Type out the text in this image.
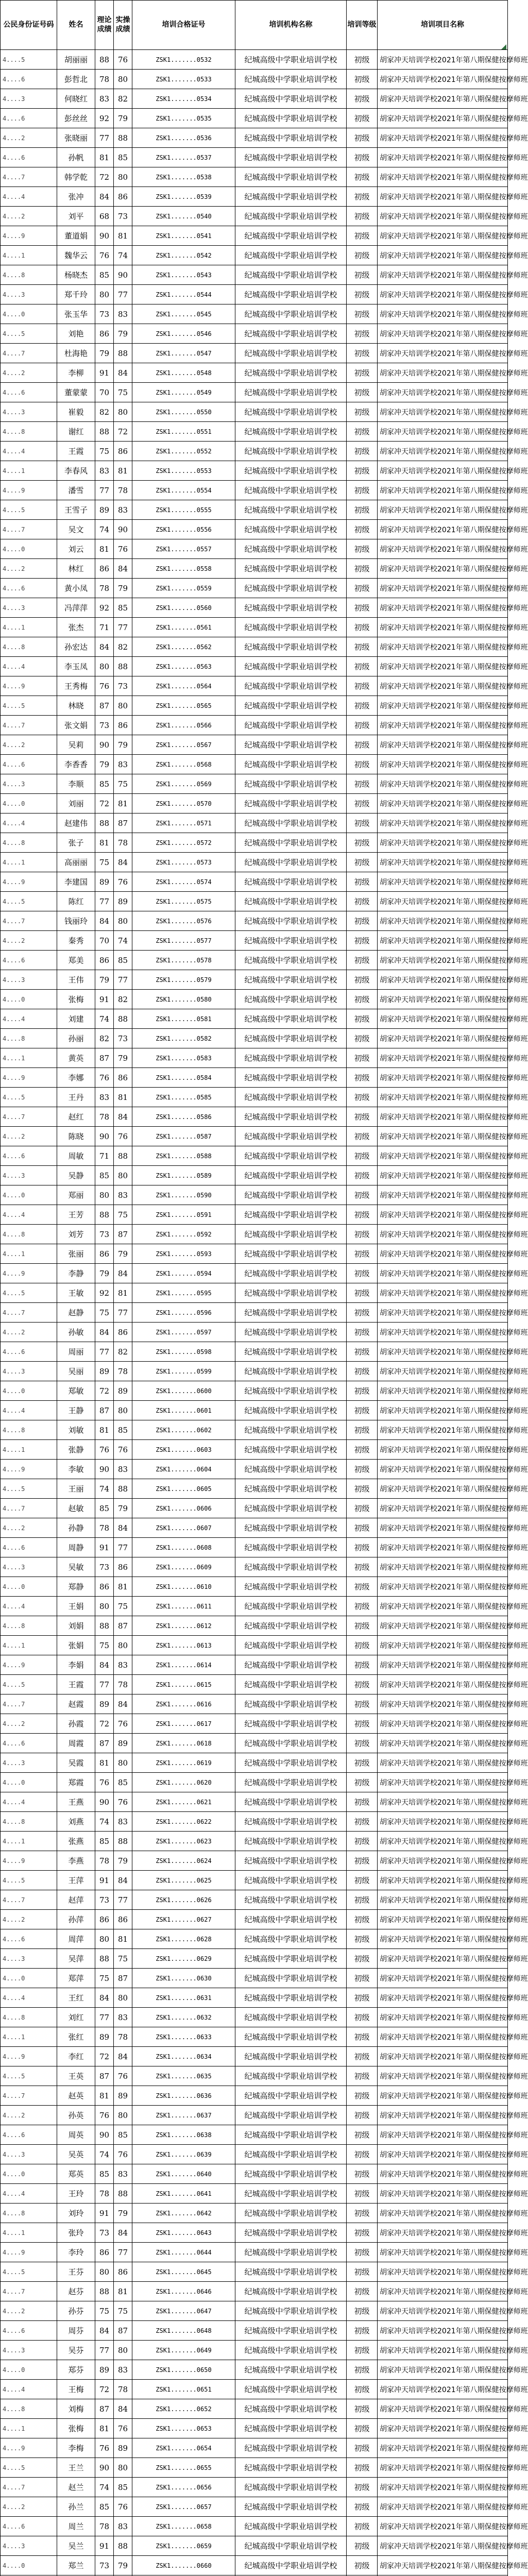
公民身份证号码	姓名	理论成绩	实操成绩	培训合格证号	培训机构名称	培训等级	培训项目名称
4....5	胡丽丽	88	76	ZSK1.......0532	纪城高级中学职业培训学校	初级	胡家冲天培训学校2021年第八期保健按摩师班
4....6	彭哲北	78	80	ZSK1.......0533	纪城高级中学职业培训学校	初级	胡家冲天培训学校2021年第八期保健按摩师班
4....3	何晓红	83	82	ZSK1.......0534	纪城高级中学职业培训学校	初级	胡家冲天培训学校2021年第八期保健按摩师班
4....6	彭丝丝	92	79	ZSK1.......0535	纪城高级中学职业培训学校	初级	胡家冲天培训学校2021年第八期保健按摩师班
4....2	张晓丽	77	88	ZSK1.......0536	纪城高级中学职业培训学校	初级	胡家冲天培训学校2021年第八期保健按摩师班
4....6	孙帆	81	85	ZSK1.......0537	纪城高级中学职业培训学校	初级	胡家冲天培训学校2021年第八期保健按摩师班
4....7	韩学乾	72	80	ZSK1.......0538	纪城高级中学职业培训学校	初级	胡家冲天培训学校2021年第八期保健按摩师班
4....4	张冲	84	86	ZSK1.......0539	纪城高级中学职业培训学校	初级	胡家冲天培训学校2021年第八期保健按摩师班
4....2	刘平	68	73	ZSK1.......0540	纪城高级中学职业培训学校	初级	胡家冲天培训学校2021年第八期保健按摩师班
4....9	董道娟	90	81	ZSK1.......0541	纪城高级中学职业培训学校	初级	胡家冲天培训学校2021年第八期保健按摩师班
4....1	魏华云	76	74	ZSK1.......0542	纪城高级中学职业培训学校	初级	胡家冲天培训学校2021年第八期保健按摩师班
4....8	杨晓杰	85	90	ZSK1.......0543	纪城高级中学职业培训学校	初级	胡家冲天培训学校2021年第八期保健按摩师班
4....3	郑千玲	80	77	ZSK1.......0544	纪城高级中学职业培训学校	初级	胡家冲天培训学校2021年第八期保健按摩师班
4....0	张玉华	73	83	ZSK1.......0545	纪城高级中学职业培训学校	初级	胡家冲天培训学校2021年第八期保健按摩师班
4....5	刘艳	86	79	ZSK1.......0546	纪城高级中学职业培训学校	初级	胡家冲天培训学校2021年第八期保健按摩师班
4....7	杜海艳	79	88	ZSK1.......0547	纪城高级中学职业培训学校	初级	胡家冲天培训学校2021年第八期保健按摩师班
4....2	李柳	91	84	ZSK1.......0548	纪城高级中学职业培训学校	初级	胡家冲天培训学校2021年第八期保健按摩师班
4....6	董蒙蒙	70	75	ZSK1.......0549	纪城高级中学职业培训学校	初级	胡家冲天培训学校2021年第八期保健按摩师班
4....3	崔毅	82	80	ZSK1.......0550	纪城高级中学职业培训学校	初级	胡家冲天培训学校2021年第八期保健按摩师班
4....8	谢红	88	72	ZSK1.......0551	纪城高级中学职业培训学校	初级	胡家冲天培训学校2021年第八期保健按摩师班
4....4	王霞	75	86	ZSK1.......0552	纪城高级中学职业培训学校	初级	胡家冲天培训学校2021年第八期保健按摩师班
4....1	李春风	83	81	ZSK1.......0553	纪城高级中学职业培训学校	初级	胡家冲天培训学校2021年第八期保健按摩师班
4....9	潘雪	77	78	ZSK1.......0554	纪城高级中学职业培训学校	初级	胡家冲天培训学校2021年第八期保健按摩师班
4....5	王雪子	89	83	ZSK1.......0555	纪城高级中学职业培训学校	初级	胡家冲天培训学校2021年第八期保健按摩师班
4....7	吴文	74	90	ZSK1.......0556	纪城高级中学职业培训学校	初级	胡家冲天培训学校2021年第八期保健按摩师班
4....0	刘云	81	76	ZSK1.......0557	纪城高级中学职业培训学校	初级	胡家冲天培训学校2021年第八期保健按摩师班
4....2	林红	86	84	ZSK1.......0558	纪城高级中学职业培训学校	初级	胡家冲天培训学校2021年第八期保健按摩师班
4....6	黄小凤	78	79	ZSK1.......0559	纪城高级中学职业培训学校	初级	胡家冲天培训学校2021年第八期保健按摩师班
4....3	冯萍萍	92	85	ZSK1.......0560	纪城高级中学职业培训学校	初级	胡家冲天培训学校2021年第八期保健按摩师班
4....1	张杰	71	77	ZSK1.......0561	纪城高级中学职业培训学校	初级	胡家冲天培训学校2021年第八期保健按摩师班
4....8	孙宏达	84	82	ZSK1.......0562	纪城高级中学职业培训学校	初级	胡家冲天培训学校2021年第八期保健按摩师班
4....4	李玉凤	80	88	ZSK1.......0563	纪城高级中学职业培训学校	初级	胡家冲天培训学校2021年第八期保健按摩师班
4....9	王秀梅	76	73	ZSK1.......0564	纪城高级中学职业培训学校	初级	胡家冲天培训学校2021年第八期保健按摩师班
4....5	林晓	87	80	ZSK1.......0565	纪城高级中学职业培训学校	初级	胡家冲天培训学校2021年第八期保健按摩师班
4....7	张文娟	73	86	ZSK1.......0566	纪城高级中学职业培训学校	初级	胡家冲天培训学校2021年第八期保健按摩师班
4....2	吴莉	90	79	ZSK1.......0567	纪城高级中学职业培训学校	初级	胡家冲天培训学校2021年第八期保健按摩师班
4....6	李香香	79	83	ZSK1.......0568	纪城高级中学职业培训学校	初级	胡家冲天培训学校2021年第八期保健按摩师班
4....3	李顺	85	75	ZSK1.......0569	纪城高级中学职业培训学校	初级	胡家冲天培训学校2021年第八期保健按摩师班
4....0	刘丽	72	81	ZSK1.......0570	纪城高级中学职业培训学校	初级	胡家冲天培训学校2021年第八期保健按摩师班
4....4	赵建伟	88	87	ZSK1.......0571	纪城高级中学职业培训学校	初级	胡家冲天培训学校2021年第八期保健按摩师班
4....8	张子	81	78	ZSK1.......0572	纪城高级中学职业培训学校	初级	胡家冲天培训学校2021年第八期保健按摩师班
4....1	高丽丽	75	84	ZSK1.......0573	纪城高级中学职业培训学校	初级	胡家冲天培训学校2021年第八期保健按摩师班
4....9	李建国	89	76	ZSK1.......0574	纪城高级中学职业培训学校	初级	胡家冲天培训学校2021年第八期保健按摩师班
4....5	陈红	77	89	ZSK1.......0575	纪城高级中学职业培训学校	初级	胡家冲天培训学校2021年第八期保健按摩师班
4....7	钱丽玲	84	80	ZSK1.......0576	纪城高级中学职业培训学校	初级	胡家冲天培训学校2021年第八期保健按摩师班
4....2	秦秀	70	74	ZSK1.......0577	纪城高级中学职业培训学校	初级	胡家冲天培训学校2021年第八期保健按摩师班
4....6	郑美	86	85	ZSK1.......0578	纪城高级中学职业培训学校	初级	胡家冲天培训学校2021年第八期保健按摩师班
4....3	王伟	79	77	ZSK1.......0579	纪城高级中学职业培训学校	初级	胡家冲天培训学校2021年第八期保健按摩师班
4....0	张梅	91	82	ZSK1.......0580	纪城高级中学职业培训学校	初级	胡家冲天培训学校2021年第八期保健按摩师班
4....4	刘建	74	88	ZSK1.......0581	纪城高级中学职业培训学校	初级	胡家冲天培训学校2021年第八期保健按摩师班
4....8	孙丽	82	73	ZSK1.......0582	纪城高级中学职业培训学校	初级	胡家冲天培训学校2021年第八期保健按摩师班
4....1	黄英	87	79	ZSK1.......0583	纪城高级中学职业培训学校	初级	胡家冲天培训学校2021年第八期保健按摩师班
4....9	李娜	76	86	ZSK1.......0584	纪城高级中学职业培训学校	初级	胡家冲天培训学校2021年第八期保健按摩师班
4....5	王丹	83	81	ZSK1.......0585	纪城高级中学职业培训学校	初级	胡家冲天培训学校2021年第八期保健按摩师班
4....7	赵红	78	84	ZSK1.......0586	纪城高级中学职业培训学校	初级	胡家冲天培训学校2021年第八期保健按摩师班
4....2	陈晓	90	76	ZSK1.......0587	纪城高级中学职业培训学校	初级	胡家冲天培训学校2021年第八期保健按摩师班
4....6	周敏	71	88	ZSK1.......0588	纪城高级中学职业培训学校	初级	胡家冲天培训学校2021年第八期保健按摩师班
4....3	吴静	85	80	ZSK1.......0589	纪城高级中学职业培训学校	初级	胡家冲天培训学校2021年第八期保健按摩师班
4....0	郑丽	80	83	ZSK1.......0590	纪城高级中学职业培训学校	初级	胡家冲天培训学校2021年第八期保健按摩师班
4....4	王芳	88	75	ZSK1.......0591	纪城高级中学职业培训学校	初级	胡家冲天培训学校2021年第八期保健按摩师班
4....8	刘芳	73	87	ZSK1.......0592	纪城高级中学职业培训学校	初级	胡家冲天培训学校2021年第八期保健按摩师班
4....1	张丽	86	79	ZSK1.......0593	纪城高级中学职业培训学校	初级	胡家冲天培训学校2021年第八期保健按摩师班
4....9	李静	79	84	ZSK1.......0594	纪城高级中学职业培训学校	初级	胡家冲天培训学校2021年第八期保健按摩师班
4....5	王敏	92	81	ZSK1.......0595	纪城高级中学职业培训学校	初级	胡家冲天培训学校2021年第八期保健按摩师班
4....7	赵静	75	77	ZSK1.......0596	纪城高级中学职业培训学校	初级	胡家冲天培训学校2021年第八期保健按摩师班
4....2	孙敏	84	86	ZSK1.......0597	纪城高级中学职业培训学校	初级	胡家冲天培训学校2021年第八期保健按摩师班
4....6	周丽	77	82	ZSK1.......0598	纪城高级中学职业培训学校	初级	胡家冲天培训学校2021年第八期保健按摩师班
4....3	吴丽	89	78	ZSK1.......0599	纪城高级中学职业培训学校	初级	胡家冲天培训学校2021年第八期保健按摩师班
4....0	郑敏	72	89	ZSK1.......0600	纪城高级中学职业培训学校	初级	胡家冲天培训学校2021年第八期保健按摩师班
4....4	王静	87	80	ZSK1.......0601	纪城高级中学职业培训学校	初级	胡家冲天培训学校2021年第八期保健按摩师班
4....8	刘敏	81	85	ZSK1.......0602	纪城高级中学职业培训学校	初级	胡家冲天培训学校2021年第八期保健按摩师班
4....1	张静	76	76	ZSK1.......0603	纪城高级中学职业培训学校	初级	胡家冲天培训学校2021年第八期保健按摩师班
4....9	李敏	90	83	ZSK1.......0604	纪城高级中学职业培训学校	初级	胡家冲天培训学校2021年第八期保健按摩师班
4....5	王丽	74	88	ZSK1.......0605	纪城高级中学职业培训学校	初级	胡家冲天培训学校2021年第八期保健按摩师班
4....7	赵敏	85	79	ZSK1.......0606	纪城高级中学职业培训学校	初级	胡家冲天培训学校2021年第八期保健按摩师班
4....2	孙静	78	84	ZSK1.......0607	纪城高级中学职业培训学校	初级	胡家冲天培训学校2021年第八期保健按摩师班
4....6	周静	91	77	ZSK1.......0608	纪城高级中学职业培训学校	初级	胡家冲天培训学校2021年第八期保健按摩师班
4....3	吴敏	73	86	ZSK1.......0609	纪城高级中学职业培训学校	初级	胡家冲天培训学校2021年第八期保健按摩师班
4....0	郑静	86	81	ZSK1.......0610	纪城高级中学职业培训学校	初级	胡家冲天培训学校2021年第八期保健按摩师班
4....4	王娟	80	75	ZSK1.......0611	纪城高级中学职业培训学校	初级	胡家冲天培训学校2021年第八期保健按摩师班
4....8	刘娟	88	87	ZSK1.......0612	纪城高级中学职业培训学校	初级	胡家冲天培训学校2021年第八期保健按摩师班
4....1	张娟	75	80	ZSK1.......0613	纪城高级中学职业培训学校	初级	胡家冲天培训学校2021年第八期保健按摩师班
4....9	李娟	84	83	ZSK1.......0614	纪城高级中学职业培训学校	初级	胡家冲天培训学校2021年第八期保健按摩师班
4....5	王霞	77	78	ZSK1.......0615	纪城高级中学职业培训学校	初级	胡家冲天培训学校2021年第八期保健按摩师班
4....7	赵霞	89	84	ZSK1.......0616	纪城高级中学职业培训学校	初级	胡家冲天培训学校2021年第八期保健按摩师班
4....2	孙霞	72	76	ZSK1.......0617	纪城高级中学职业培训学校	初级	胡家冲天培训学校2021年第八期保健按摩师班
4....6	周霞	87	89	ZSK1.......0618	纪城高级中学职业培训学校	初级	胡家冲天培训学校2021年第八期保健按摩师班
4....3	吴霞	81	80	ZSK1.......0619	纪城高级中学职业培训学校	初级	胡家冲天培训学校2021年第八期保健按摩师班
4....0	郑霞	76	85	ZSK1.......0620	纪城高级中学职业培训学校	初级	胡家冲天培训学校2021年第八期保健按摩师班
4....4	王燕	90	76	ZSK1.......0621	纪城高级中学职业培训学校	初级	胡家冲天培训学校2021年第八期保健按摩师班
4....8	刘燕	74	83	ZSK1.......0622	纪城高级中学职业培训学校	初级	胡家冲天培训学校2021年第八期保健按摩师班
4....1	张燕	85	88	ZSK1.......0623	纪城高级中学职业培训学校	初级	胡家冲天培训学校2021年第八期保健按摩师班
4....9	李燕	78	79	ZSK1.......0624	纪城高级中学职业培训学校	初级	胡家冲天培训学校2021年第八期保健按摩师班
4....5	王萍	91	84	ZSK1.......0625	纪城高级中学职业培训学校	初级	胡家冲天培训学校2021年第八期保健按摩师班
4....7	赵萍	73	77	ZSK1.......0626	纪城高级中学职业培训学校	初级	胡家冲天培训学校2021年第八期保健按摩师班
4....2	孙萍	86	86	ZSK1.......0627	纪城高级中学职业培训学校	初级	胡家冲天培训学校2021年第八期保健按摩师班
4....6	周萍	80	81	ZSK1.......0628	纪城高级中学职业培训学校	初级	胡家冲天培训学校2021年第八期保健按摩师班
4....3	吴萍	88	75	ZSK1.......0629	纪城高级中学职业培训学校	初级	胡家冲天培训学校2021年第八期保健按摩师班
4....0	郑萍	75	87	ZSK1.......0630	纪城高级中学职业培训学校	初级	胡家冲天培训学校2021年第八期保健按摩师班
4....4	王红	84	80	ZSK1.......0631	纪城高级中学职业培训学校	初级	胡家冲天培训学校2021年第八期保健按摩师班
4....8	刘红	77	83	ZSK1.......0632	纪城高级中学职业培训学校	初级	胡家冲天培训学校2021年第八期保健按摩师班
4....1	张红	89	78	ZSK1.......0633	纪城高级中学职业培训学校	初级	胡家冲天培训学校2021年第八期保健按摩师班
4....9	李红	72	84	ZSK1.......0634	纪城高级中学职业培训学校	初级	胡家冲天培训学校2021年第八期保健按摩师班
4....5	王英	87	76	ZSK1.......0635	纪城高级中学职业培训学校	初级	胡家冲天培训学校2021年第八期保健按摩师班
4....7	赵英	81	89	ZSK1.......0636	纪城高级中学职业培训学校	初级	胡家冲天培训学校2021年第八期保健按摩师班
4....2	孙英	76	80	ZSK1.......0637	纪城高级中学职业培训学校	初级	胡家冲天培训学校2021年第八期保健按摩师班
4....6	周英	90	85	ZSK1.......0638	纪城高级中学职业培训学校	初级	胡家冲天培训学校2021年第八期保健按摩师班
4....3	吴英	74	76	ZSK1.......0639	纪城高级中学职业培训学校	初级	胡家冲天培训学校2021年第八期保健按摩师班
4....0	郑英	85	83	ZSK1.......0640	纪城高级中学职业培训学校	初级	胡家冲天培训学校2021年第八期保健按摩师班
4....4	王玲	78	88	ZSK1.......0641	纪城高级中学职业培训学校	初级	胡家冲天培训学校2021年第八期保健按摩师班
4....8	刘玲	91	79	ZSK1.......0642	纪城高级中学职业培训学校	初级	胡家冲天培训学校2021年第八期保健按摩师班
4....1	张玲	73	84	ZSK1.......0643	纪城高级中学职业培训学校	初级	胡家冲天培训学校2021年第八期保健按摩师班
4....9	李玲	86	77	ZSK1.......0644	纪城高级中学职业培训学校	初级	胡家冲天培训学校2021年第八期保健按摩师班
4....5	王芬	80	86	ZSK1.......0645	纪城高级中学职业培训学校	初级	胡家冲天培训学校2021年第八期保健按摩师班
4....7	赵芬	88	81	ZSK1.......0646	纪城高级中学职业培训学校	初级	胡家冲天培训学校2021年第八期保健按摩师班
4....2	孙芬	75	75	ZSK1.......0647	纪城高级中学职业培训学校	初级	胡家冲天培训学校2021年第八期保健按摩师班
4....6	周芬	84	87	ZSK1.......0648	纪城高级中学职业培训学校	初级	胡家冲天培训学校2021年第八期保健按摩师班
4....3	吴芬	77	80	ZSK1.......0649	纪城高级中学职业培训学校	初级	胡家冲天培训学校2021年第八期保健按摩师班
4....0	郑芬	89	83	ZSK1.......0650	纪城高级中学职业培训学校	初级	胡家冲天培训学校2021年第八期保健按摩师班
4....4	王梅	72	78	ZSK1.......0651	纪城高级中学职业培训学校	初级	胡家冲天培训学校2021年第八期保健按摩师班
4....8	刘梅	87	84	ZSK1.......0652	纪城高级中学职业培训学校	初级	胡家冲天培训学校2021年第八期保健按摩师班
4....1	张梅	81	76	ZSK1.......0653	纪城高级中学职业培训学校	初级	胡家冲天培训学校2021年第八期保健按摩师班
4....9	李梅	76	89	ZSK1.......0654	纪城高级中学职业培训学校	初级	胡家冲天培训学校2021年第八期保健按摩师班
4....5	王兰	90	80	ZSK1.......0655	纪城高级中学职业培训学校	初级	胡家冲天培训学校2021年第八期保健按摩师班
4....7	赵兰	74	85	ZSK1.......0656	纪城高级中学职业培训学校	初级	胡家冲天培训学校2021年第八期保健按摩师班
4....2	孙兰	85	76	ZSK1.......0657	纪城高级中学职业培训学校	初级	胡家冲天培训学校2021年第八期保健按摩师班
4....6	周兰	78	83	ZSK1.......0658	纪城高级中学职业培训学校	初级	胡家冲天培训学校2021年第八期保健按摩师班
4....3	吴兰	91	88	ZSK1.......0659	纪城高级中学职业培训学校	初级	胡家冲天培训学校2021年第八期保健按摩师班
4....0	郑兰	73	79	ZSK1.......0660	纪城高级中学职业培训学校	初级	胡家冲天培训学校2021年第八期保健按摩师班
